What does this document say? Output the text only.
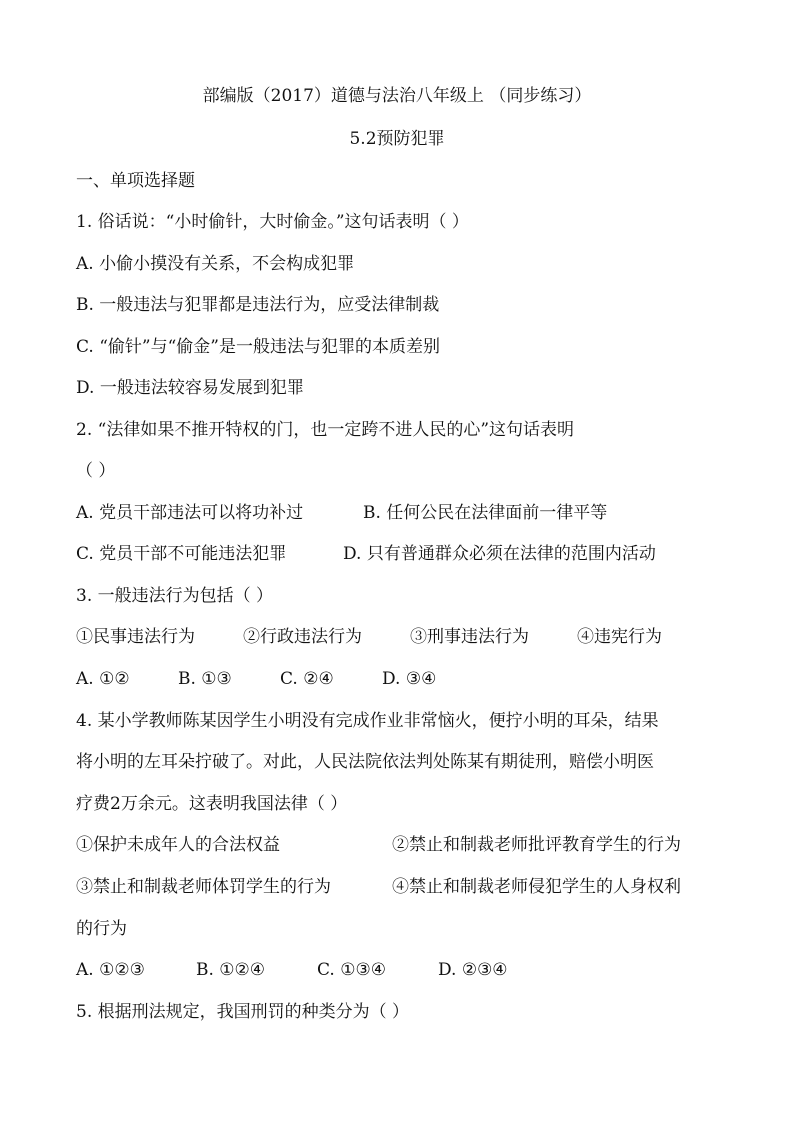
部编版（2017）道德与法治八年级上 （同步练习）
5.2预防犯罪
一、单项选择题
1. 俗话说：“小时偷针，大时偷金。”这句话表明（ ）
A. 小偷小摸没有关系，不会构成犯罪
B. 一般违法与犯罪都是违法行为，应受法律制裁
C. “偷针”与“偷金”是一般违法与犯罪的本质差别
D. 一般违法较容易发展到犯罪
2. “法律如果不推开特权的门，也一定跨不进人民的心”这句话表明
（ ）
A. 党员干部违法可以将功补过	B. 任何公民在法律面前一律平等
C. 党员干部不可能违法犯罪	D. 只有普通群众必须在法律的范围内活动
3. 一般违法行为包括（ ）
①民事违法行为	②行政违法行为	③刑事违法行为	④违宪行为
A. ①②	B. ①③	C. ②④	D. ③④
4. 某小学教师陈某因学生小明没有完成作业非常恼火，便拧小明的耳朵，结果
将小明的左耳朵拧破了。对此，人民法院依法判处陈某有期徒刑，赔偿小明医
疗费2万余元。这表明我国法律（ ）
①保护未成年人的合法权益	②禁止和制裁老师批评教育学生的行为
③禁止和制裁老师体罚学生的行为	④禁止和制裁老师侵犯学生的人身权利
的行为
A. ①②③	B. ①②④	C. ①③④	D. ②③④
5. 根据刑法规定，我国刑罚的种类分为（ ）
